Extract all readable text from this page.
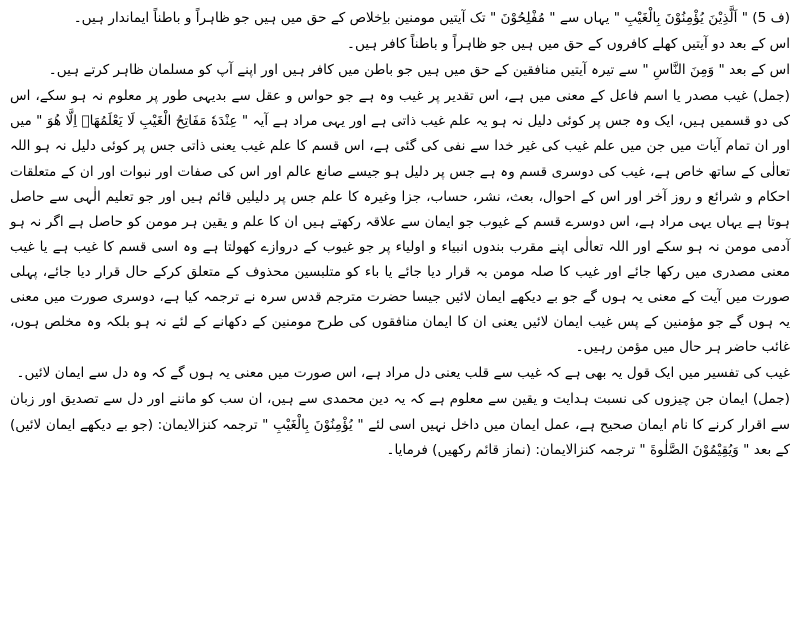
(ف 5) " اَلَّذِیْنَ یُؤْمِنُوْنَ بِالْغَیْبِ " یہاں سے " مُفْلِحُوْنَ " تک آیتیں مومنین باِخلاص کے حق میں ہیں جو ظاہراً و باطناً ایماندار ہیں۔

اس کے بعد دو آیتیں کھلے کافروں کے حق میں ہیں جو ظاہراً و باطناً کافر ہیں۔

اس کے بعد " وَمِنَ النَّاسِ " سے تیرہ آیتیں منافقین کے حق میں ہیں جو باطن میں کافر ہیں اور اپنے آپ کو مسلمان ظاہر کرتے ہیں۔

(جمل) غیب مصدر یا اسم فاعل کے معنی میں ہے، اس تقدیر پر غیب وہ ہے جو حواس و عقل سے بدیہی طور پر معلوم نہ ہو سکے، اس کی دو قسمیں ہیں، ایک وہ جس پر کوئی دلیل نہ ہو یہ علم غیب ذاتی ہے اور یہی مراد ہے آیہ " عِنْدَهٗ مَفَاتِحُ الْغَیْبِ لَا یَعْلَمُهَاۤ اِلَّا هُوَ " میں اور ان تمام آیات میں جن میں علم غیب کی غیر خدا سے نفی کی گئی ہے، اس قسم کا علم غیب یعنی ذاتی جس پر کوئی دلیل نہ ہو اللہ تعالٰی کے ساتھ خاص ہے، غیب کی دوسری قسم وہ ہے جس پر دلیل ہو جیسے صانع عالم اور اس کی صفات اور نبوات اور ان کے متعلقات احکام و شرائع و روز آخر اور اس کے احوال، بعث، نشر، حساب، جزا وغیرہ کا علم جس پر دلیلیں قائم ہیں اور جو تعلیم الٰہی سے حاصل ہوتا ہے یہاں یہی مراد ہے، اس دوسرے قسم کے غیوب جو ایمان سے علاقہ رکھتے ہیں ان کا علم و یقین ہر مومن کو حاصل ہے اگر نہ ہو آدمی مومن نہ ہو سکے اور اللہ تعالٰی اپنے مقرب بندوں انبیاء و اولیاء پر جو غیوب کے دروازے کھولتا ہے وہ اسی قسم کا غیب ہے یا غیب معنی مصدری میں رکھا جائے اور غیب کا صلہ مومن بہ قرار دیا جائے یا باء کو متلبسین محذوف کے متعلق کرکے حال قرار دیا جائے، پہلی صورت میں آیت کے معنی یہ ہوں گے جو بے دیکھے ایمان لائیں جیسا حضرت مترجم قدس سرہ نے ترجمہ کیا ہے، دوسری صورت میں معنی یہ ہوں گے جو مؤمنین کے پس غیب ایمان لائیں یعنی ان کا ایمان منافقوں کی طرح مومنین کے دکھانے کے لئے نہ ہو بلکہ وہ مخلص ہوں، غائب حاضر ہر حال میں مؤمن رہیں۔

غیب کی تفسیر میں ایک قول یہ بھی ہے کہ غیب سے قلب یعنی دل مراد ہے، اس صورت میں معنی یہ ہوں گے کہ وہ دل سے ایمان لائیں۔

(جمل) ایمان جن چیزوں کی نسبت ہدایت و یقین سے معلوم ہے کہ یہ دین محمدی سے ہیں، ان سب کو ماننے اور دل سے تصدیق اور زبان سے اقرار کرنے کا نام ایمان صحیح ہے، عمل ایمان میں داخل نہیں اسی لئے " یُؤْمِنُوْنَ بِالْغَیْبِ " ترجمہ کنزالایمان: (جو بے دیکھے ایمان لائیں) کے بعد " وَیُقِیْمُوْنَ الصَّلٰوةَ " ترجمہ کنزالایمان: (نماز قائم رکھیں) فرمایا۔
